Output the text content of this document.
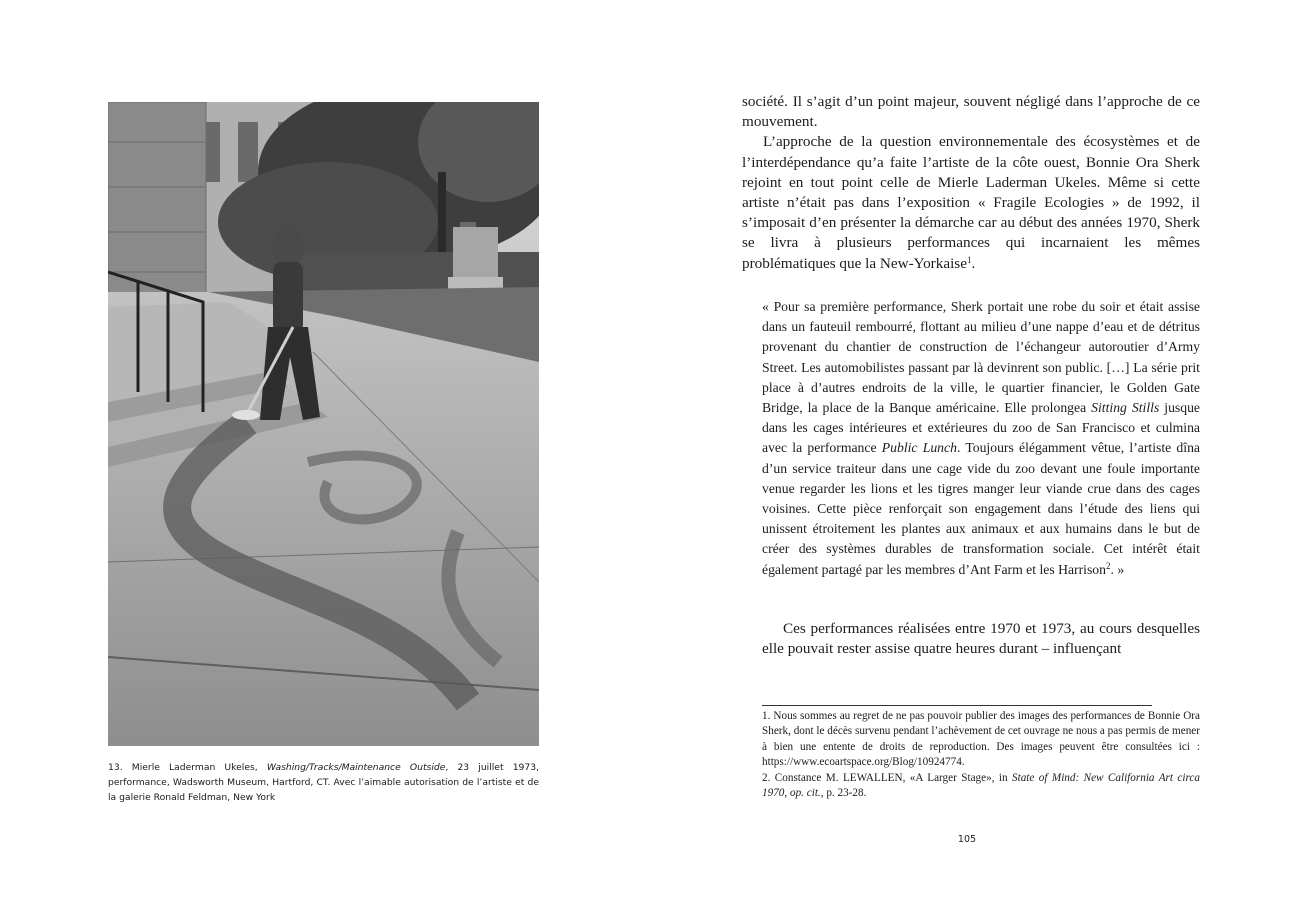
13. Mierle Laderman Ukeles, Washing/Tracks/Maintenance Outside, 23 juillet 1973, performance, Wadsworth Museum, Hartford, CT. Avec l’aimable autorisation de l’artiste et de la galerie Ronald Feldman, New York

société. Il s’agit d’un point majeur, souvent négligé dans l’approche de ce mouvement.

L’approche de la question environnementale des écosystèmes et de l’interdépendance qu’a faite l’artiste de la côte ouest, Bonnie Ora Sherk rejoint en tout point celle de Mierle Laderman Ukeles. Même si cette artiste n’était pas dans l’exposition « Fragile Ecologies » de 1992, il s’imposait d’en présenter la démarche car au début des années 1970, Sherk se livra à plusieurs performances qui incarnaient les mêmes problématiques que la New-Yorkaise$^1$.

« Pour sa première performance, Sherk portait une robe du soir et était assise dans un fauteuil rembourré, flottant au milieu d’une nappe d’eau et de détritus provenant du chantier de construction de l’échangeur autoroutier d’Army Street. Les automobilistes passant par là devinrent son public. […] La série prit place à d’autres endroits de la ville, le quartier financier, le Golden Gate Bridge, la place de la Banque américaine. Elle prolongea Sitting Stills jusque dans les cages intérieures et extérieures du zoo de San Francisco et culmina avec la performance Public Lunch. Toujours élégamment vêtue, l’artiste dîna d’un service traiteur dans une cage vide du zoo devant une foule importante venue regarder les lions et les tigres manger leur viande crue dans des cages voisines. Cette pièce renforçait son engagement dans l’étude des liens qui unissent étroitement les plantes aux animaux et aux humains dans le but de créer des systèmes durables de transformation sociale. Cet intérêt était également partagé par les membres d’Ant Farm et les Harrison$^2$. »

Ces performances réalisées entre 1970 et 1973, au cours desquelles elle pouvait rester assise quatre heures durant – influençant

1. Nous sommes au regret de ne pas pouvoir publier des images des performances de Bonnie Ora Sherk, dont le décès survenu pendant l’achèvement de cet ouvrage ne nous a pas permis de mener à bien une entente de droits de reproduction. Des images peuvent être consultées ici : https://www.ecoartspace.org/Blog/10924774.

2. Constance M. LEWALLEN, «A Larger Stage», in State of Mind: New California Art circa 1970, op. cit., p. 23-28.

105
